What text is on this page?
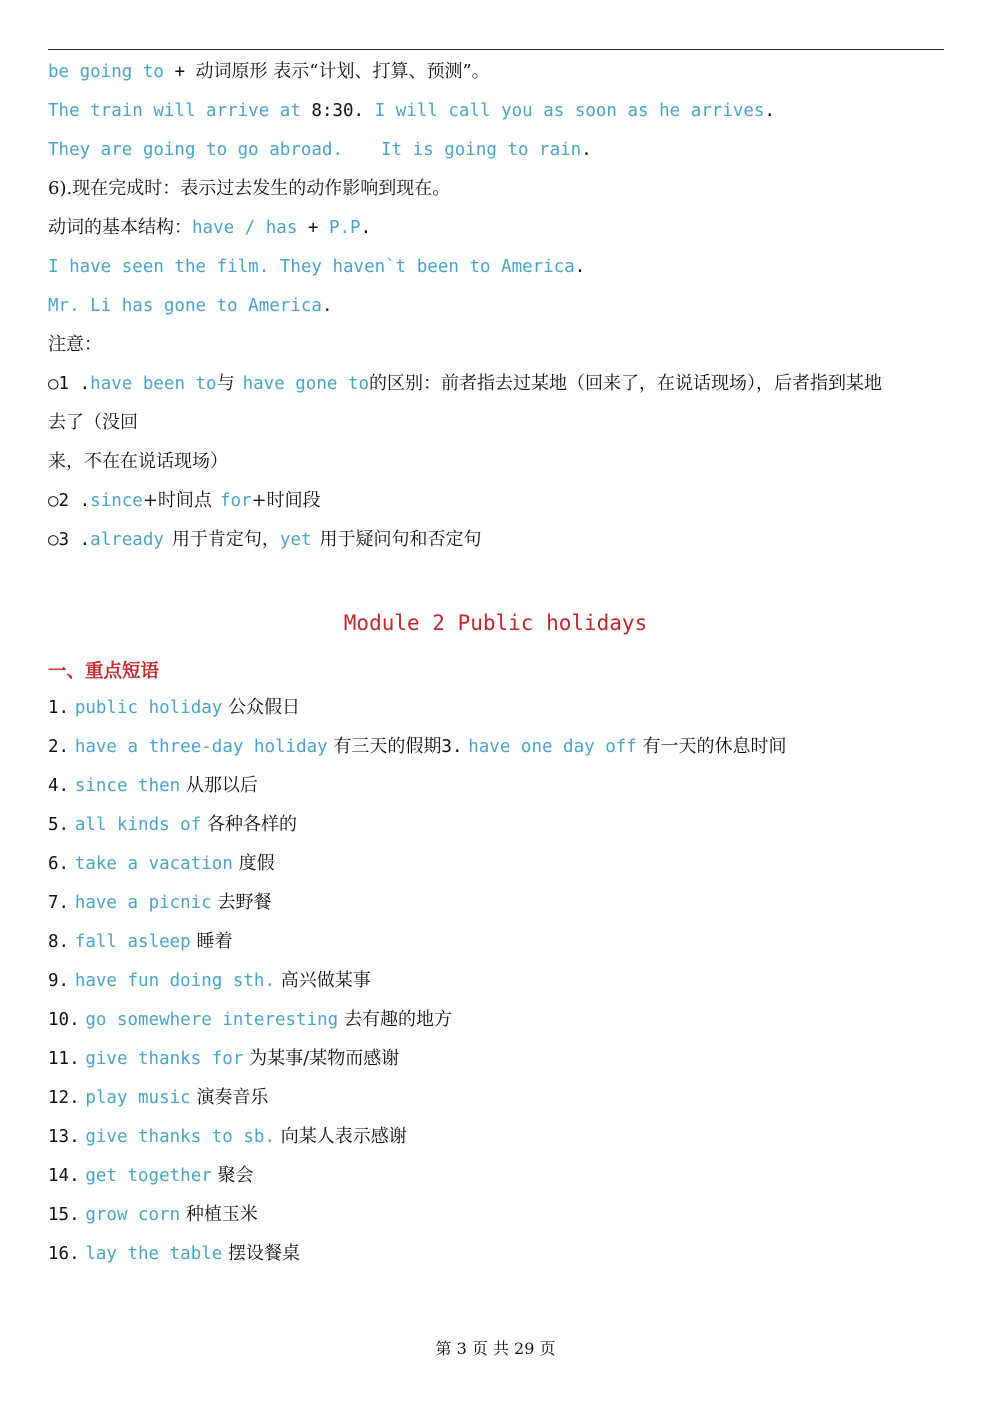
be going to + 动词原形 表示“计划、打算、预测”。
The train will arrive at 8:30. I will call you as soon as he arrives.
They are going to go abroad. It is going to rain.
6).现在完成时：表示过去发生的动作影响到现在。
动词的基本结构：have / has + P.P.
I have seen the film. They haven`t been to America.
Mr. Li has gone to America.
注意：
○1 .have been to与 have gone to的区别：前者指去过某地（回来了，在说话现场），后者指到某地
去了（没回
来，不在在说话现场）
○2 .since+时间点 for+时间段
○3 .already 用于肯定句，yet 用于疑问句和否定句
Module 2 Public holidays
一、重点短语
1. public holiday 公众假日
2. have a three-day holiday 有三天的假期3. have one day off 有一天的休息时间
4. since then 从那以后
5. all kinds of 各种各样的
6. take a vacation 度假
7. have a picnic 去野餐
8. fall asleep 睡着
9. have fun doing sth. 高兴做某事
10. go somewhere interesting 去有趣的地方
11. give thanks for 为某事/某物而感谢
12. play music 演奏音乐
13. give thanks to sb. 向某人表示感谢
14. get together 聚会
15. grow corn 种植玉米
16. lay the table 摆设餐桌
第 3 页 共 29 页
